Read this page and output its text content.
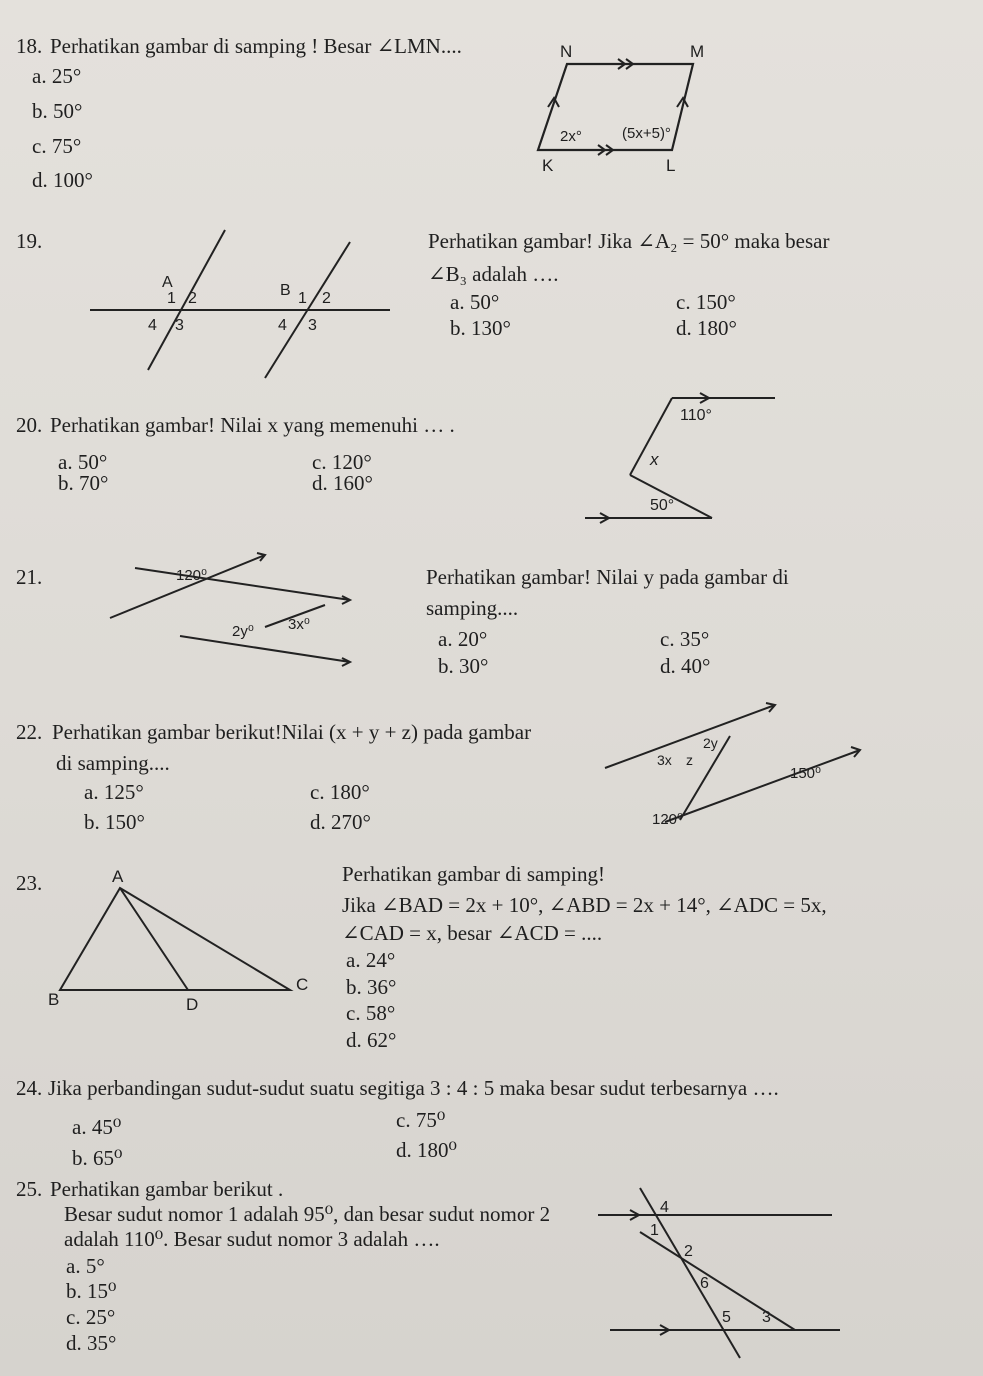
18. Perhatikan gambar di samping ! Besar ∠LMN....
a. 25°
b. 50°
c. 75°
d. 100°
N	M
K	L
2x°	(5x+5)°
19.	Perhatikan gambar! Jika ∠A₂ = 50° maka besar
∠B₃ adalah ….
a. 50°
b. 130°
c. 150°
d. 180°
A
1 2
4 3
B 1 2
4 3
20. Perhatikan gambar! Nilai x yang memenuhi … .
a. 50°
b. 70°
c. 120°
d. 160°
110°
x
50°
21.	Perhatikan gambar! Nilai y pada gambar di
samping....
a. 20°
b. 30°
c. 35°
d. 40°
120⁰
2y⁰ 3x⁰
22. Perhatikan gambar berikut!Nilai (x + y + z) pada gambar
di samping....
a. 125°
b. 150°
c. 180°
d. 270°
2y
3x z
150⁰
120⁰
23.	Perhatikan gambar di samping!
Jika ∠BAD = 2x + 10°, ∠ABD = 2x + 14°, ∠ADC = 5x,
∠CAD = x, besar ∠ACD = ....
a. 24°
b. 36°
c. 58°
d. 62°
A
B
C
D
24. Jika perbandingan sudut-sudut suatu segitiga 3 : 4 : 5 maka besar sudut terbesarnya ….
a. 45⁰
b. 65⁰
c. 75⁰
d. 180⁰
25. Perhatikan gambar berikut .
Besar sudut nomor 1 adalah 95⁰, dan besar sudut nomor 2
adalah 110⁰. Besar sudut nomor 3 adalah ….
a. 5°
b. 15⁰
c. 25°
d. 35°
4
1
2
6
5 3
